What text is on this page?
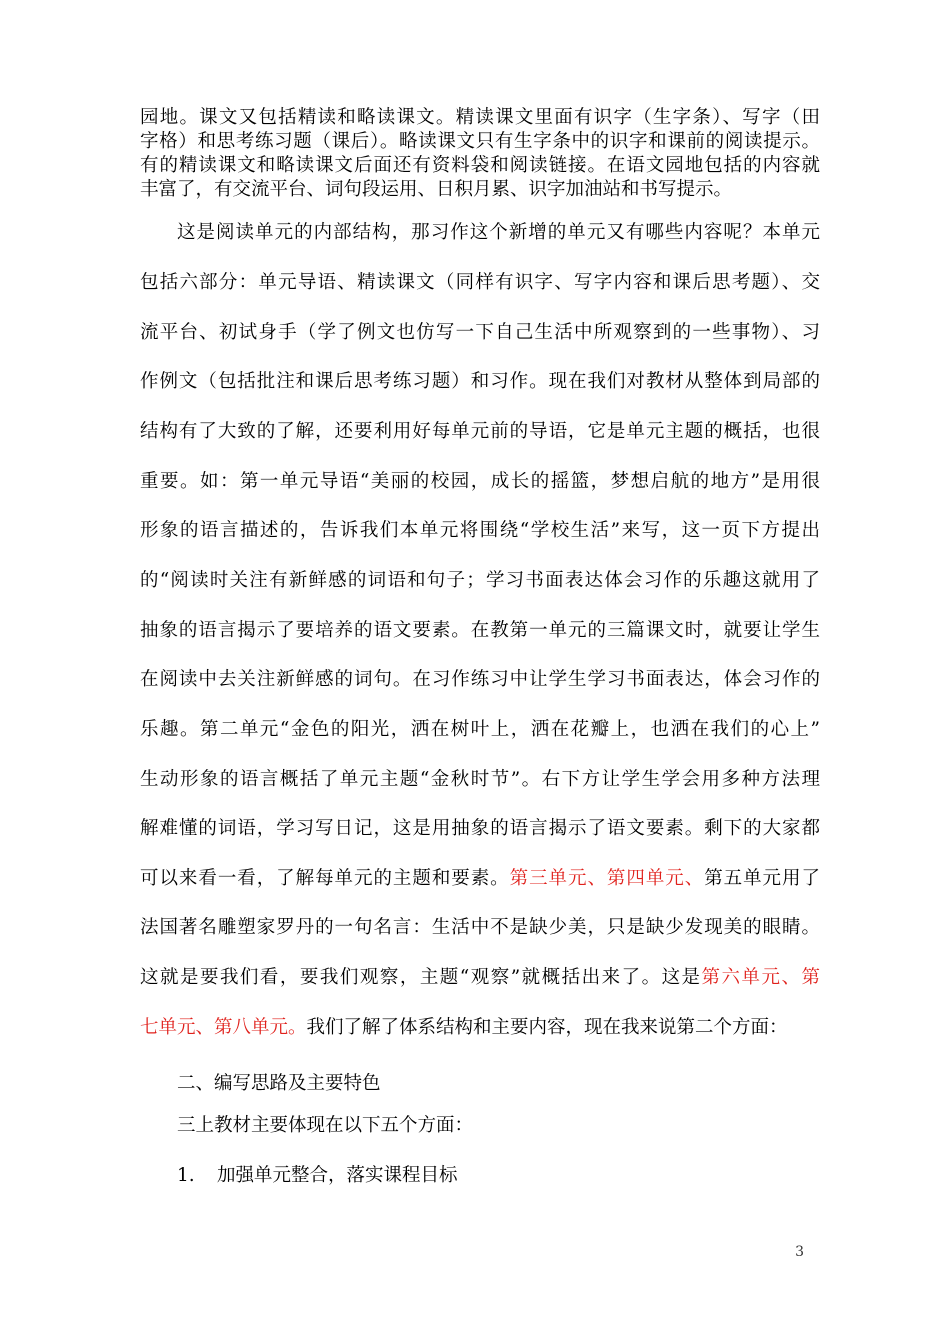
园地。课文又包括精读和略读课文。精读课文里面有识字（生字条）、写字（田
字格）和思考练习题（课后）。略读课文只有生字条中的识字和课前的阅读提示。
有的精读课文和略读课文后面还有资料袋和阅读链接。在语文园地包括的内容就
丰富了，有交流平台、词句段运用、日积月累、识字加油站和书写提示。
这是阅读单元的内部结构，那习作这个新增的单元又有哪些内容呢？本单元
包括六部分：单元导语、精读课文（同样有识字、写字内容和课后思考题）、交
流平台、初试身手（学了例文也仿写一下自己生活中所观察到的一些事物）、习
作例文（包括批注和课后思考练习题）和习作。现在我们对教材从整体到局部的
结构有了大致的了解，还要利用好每单元前的导语，它是单元主题的概括，也很
重要。如：第一单元导语“美丽的校园，成长的摇篮，梦想启航的地方”是用很
形象的语言描述的，告诉我们本单元将围绕“学校生活”来写，这一页下方提出
的“阅读时关注有新鲜感的词语和句子；学习书面表达体会习作的乐趣这就用了
抽象的语言揭示了要培养的语文要素。在教第一单元的三篇课文时，就要让学生
在阅读中去关注新鲜感的词句。在习作练习中让学生学习书面表达，体会习作的
乐趣。第二单元“金色的阳光，洒在树叶上，洒在花瓣上，也洒在我们的心上”
生动形象的语言概括了单元主题“金秋时节”。右下方让学生学会用多种方法理
解难懂的词语，学习写日记，这是用抽象的语言揭示了语文要素。剩下的大家都
可以来看一看，了解每单元的主题和要素。第三单元、第四单元、第五单元用了
法国著名雕塑家罗丹的一句名言：生活中不是缺少美，只是缺少发现美的眼睛。
这就是要我们看，要我们观察，主题“观察”就概括出来了。这是第六单元、第
七单元、第八单元。我们了解了体系结构和主要内容，现在我来说第二个方面：
二、编写思路及主要特色
三上教材主要体现在以下五个方面：
1. 加强单元整合，落实课程目标
3
